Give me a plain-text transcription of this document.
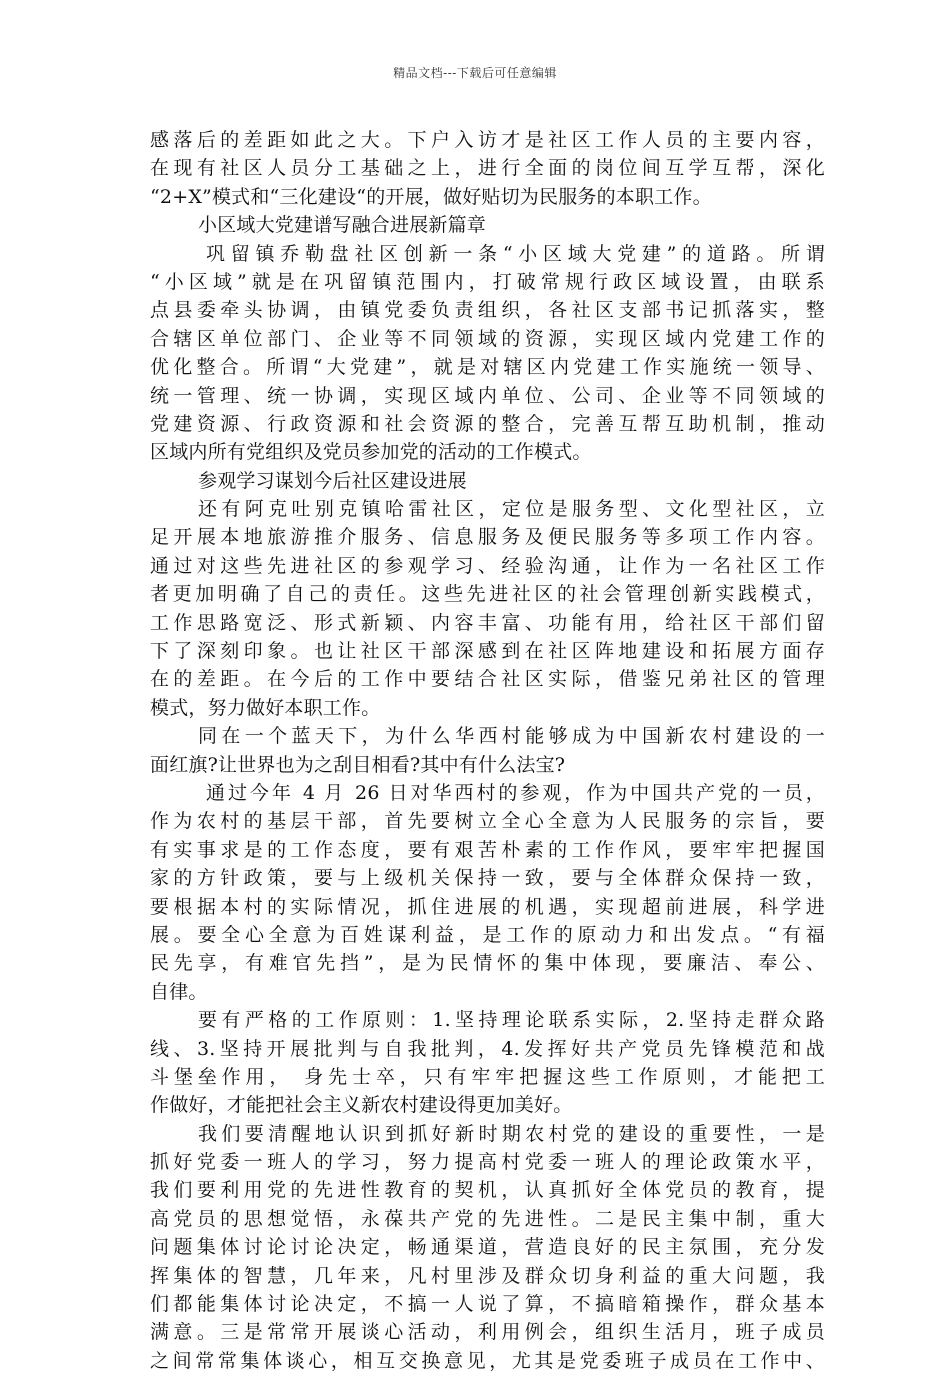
精品文档---下载后可任意编辑
感落后的差距如此之大。下户入访才是社区工作人员的主要内容，
在现有社区人员分工基础之上，进行全面的岗位间互学互帮，深化
“2+X”模式和“三化建设“的开展，做好贴切为民服务的本职工作。
小区域大党建谱写融合进展新篇章
巩留镇乔勒盘社区创新一条“小区域大党建”的道路。所谓
“小区域”就是在巩留镇范围内，打破常规行政区域设置，由联系
点县委牵头协调，由镇党委负责组织，各社区支部书记抓落实，整
合辖区单位部门、企业等不同领域的资源，实现区域内党建工作的
优化整合。所谓“大党建”，就是对辖区内党建工作实施统一领导、
统一管理、统一协调，实现区域内单位、公司、企业等不同领域的
党建资源、行政资源和社会资源的整合，完善互帮互助机制，推动
区域内所有党组织及党员参加党的活动的工作模式。
参观学习谋划今后社区建设进展
还有阿克吐别克镇哈雷社区，定位是服务型、文化型社区，立
足开展本地旅游推介服务、信息服务及便民服务等多项工作内容。
通过对这些先进社区的参观学习、经验沟通，让作为一名社区工作
者更加明确了自己的责任。这些先进社区的社会管理创新实践模式，
工作思路宽泛、形式新颖、内容丰富、功能有用，给社区干部们留
下了深刻印象。也让社区干部深感到在社区阵地建设和拓展方面存
在的差距。在今后的工作中要结合社区实际，借鉴兄弟社区的管理
模式，努力做好本职工作。
同在一个蓝天下，为什么华西村能够成为中国新农村建设的一
面红旗?让世界也为之刮目相看?其中有什么法宝?
通过今年 4 月 26 日对华西村的参观，作为中国共产党的一员，
作为农村的基层干部，首先要树立全心全意为人民服务的宗旨，要
有实事求是的工作态度，要有艰苦朴素的工作作风，要牢牢把握国
家的方针政策，要与上级机关保持一致，要与全体群众保持一致，
要根据本村的实际情况，抓住进展的机遇，实现超前进展，科学进
展。要全心全意为百姓谋利益，是工作的原动力和出发点。“有福
民先享，有难官先挡”，是为民情怀的集中体现，要廉洁、奉公、
自律。
要有严格的工作原则：1.坚持理论联系实际，2.坚持走群众路
线、3.坚持开展批判与自我批判，4.发挥好共产党员先锋模范和战
斗堡垒作用， 身先士卒，只有牢牢把握这些工作原则，才能把工
作做好，才能把社会主义新农村建设得更加美好。
我们要清醒地认识到抓好新时期农村党的建设的重要性，一是
抓好党委一班人的学习，努力提高村党委一班人的理论政策水平，
我们要利用党的先进性教育的契机，认真抓好全体党员的教育，提
高党员的思想觉悟，永葆共产党的先进性。二是民主集中制，重大
问题集体讨论讨论决定，畅通渠道，营造良好的民主氛围，充分发
挥集体的智慧，几年来，凡村里涉及群众切身利益的重大问题，我
们都能集体讨论决定，不搞一人说了算，不搞暗箱操作，群众基本
满意。三是常常开展谈心活动，利用例会，组织生活月，班子成员
之间常常集体谈心，相互交换意见，尤其是党委班子成员在工作中、
